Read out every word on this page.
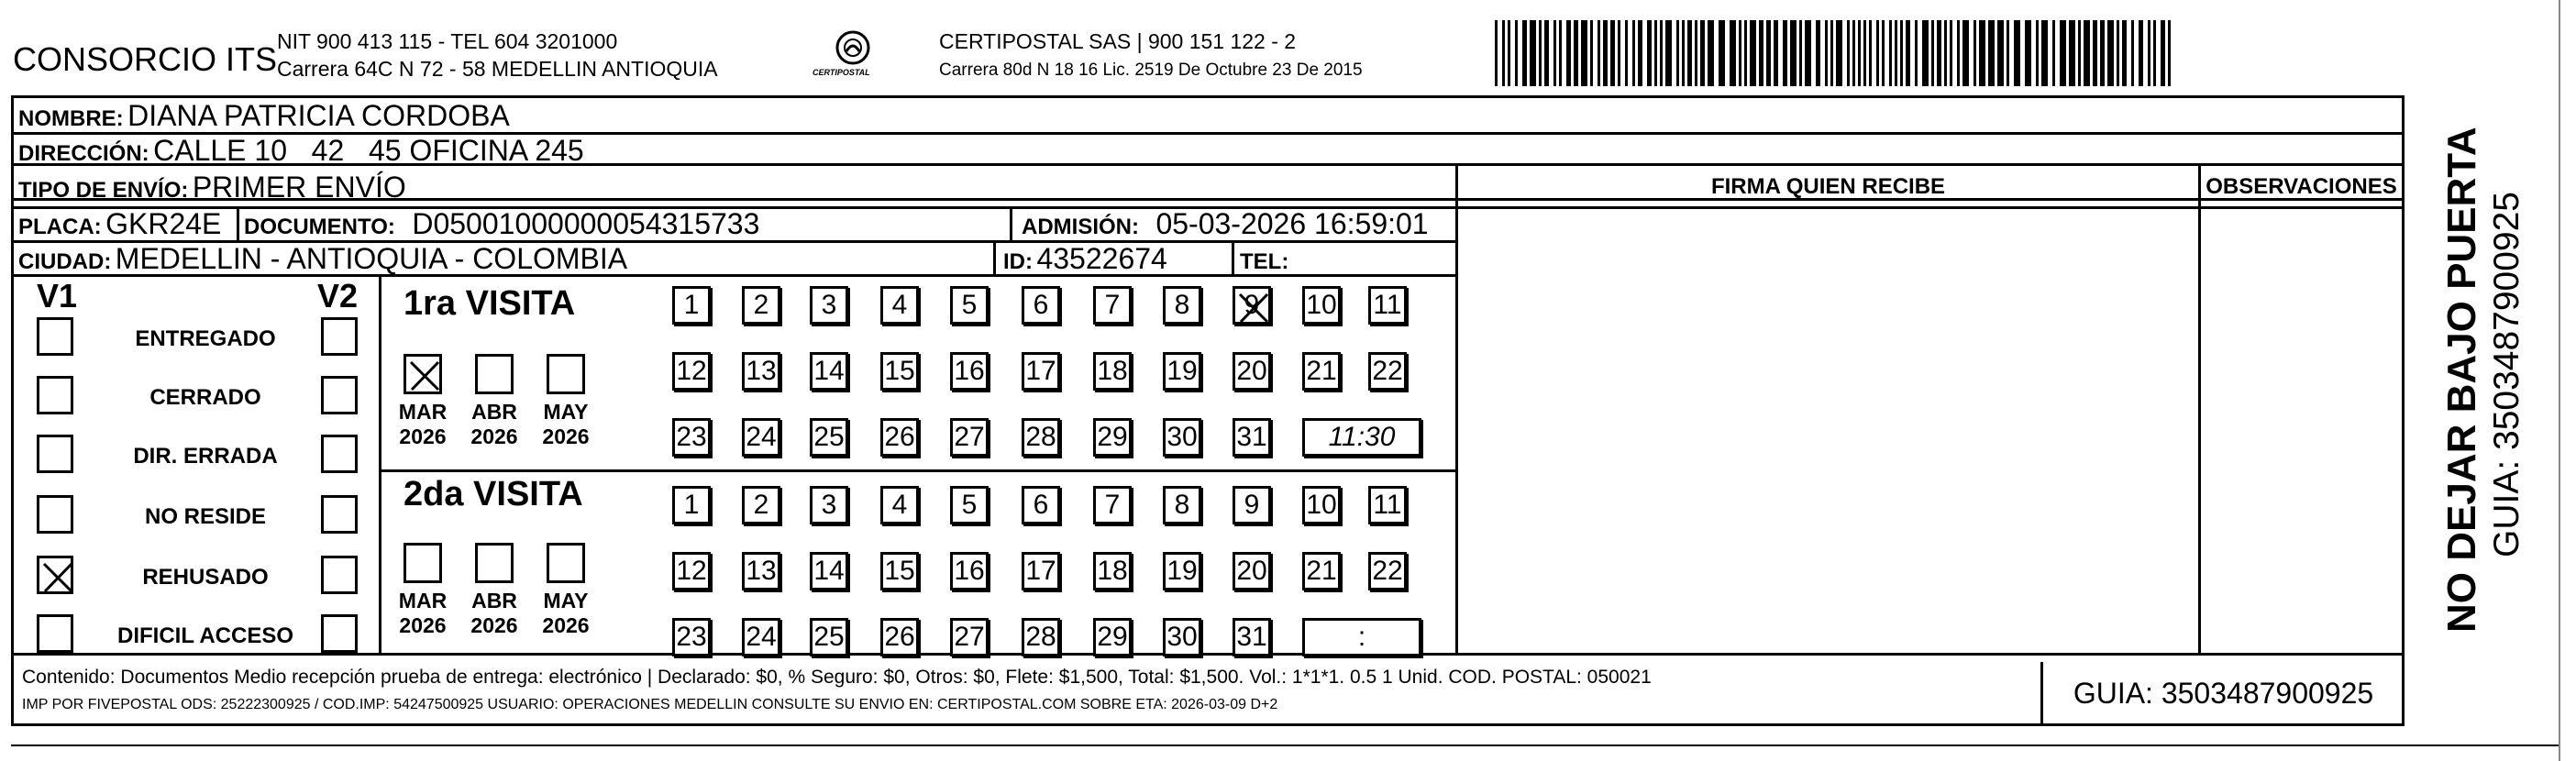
CONSORCIO ITS NIT 900 413 115 - TEL 604 3201000
Carrera 64C N 72 - 58 MEDELLIN ANTIOQUIA	CERTIPOSTAL
CERTIPOSTAL SAS | 900 151 122 - 2
Carrera 80d N 18 16 Lic. 2519 De Octubre 23 De 2015
NOMBRE: DIANA PATRICIA CORDOBA
DIRECCIÓN: CALLE 10   42   45 OFICINA 245
TIPO DE ENVÍO: PRIMER ENVÍO
PLACA: GKR24E DOCUMENTO: D05001000000054315733	ADMISIÓN: 05-03-2026 16:59:01
CIUDAD: MEDELLIN - ANTIOQUIA - COLOMBIA	ID: 43522674	TEL:
FIRMA QUIEN RECIBE	OBSERVACIONES
V1	V2
ENTREGADO
CERRADO
DIR. ERRADA
NO RESIDE
REHUSADO
DIFICIL ACCESO
1ra VISITA
2da VISITA
1	2	3	4	5	6	7	8	9 10 11
12 13 14 15 16 17 18 19 20 21 22
23 24 25 26 27 28 29 30 31	11:30
1	2	3	4	5	6	7	8	9	10 11
12 13 14 15 16 17 18 19 20 21 22
23 24 25 26 27 28 29 30 31	:
MAR
2026
ABR
2026
MAY
2026
MAR
2026
ABR
2026
MAY
2026
Contenido: Documentos Medio recepción prueba de entrega: electrónico | Declarado: $0, % Seguro: $0, Otros: $0, Flete: $1,500, Total: $1,500. Vol.: 1*1*1. 0.5 1 Unid. COD. POSTAL: 050021
IMP POR FIVEPOSTAL ODS: 25222300925 / COD.IMP: 54247500925 USUARIO: OPERACIONES MEDELLIN CONSULTE SU ENVIO EN: CERTIPOSTAL.COM SOBRE ETA: 2026-03-09 D+2	GUIA: 3503487900925
NO DEJAR BAJO PUERTA GUIA: 3503487900925
